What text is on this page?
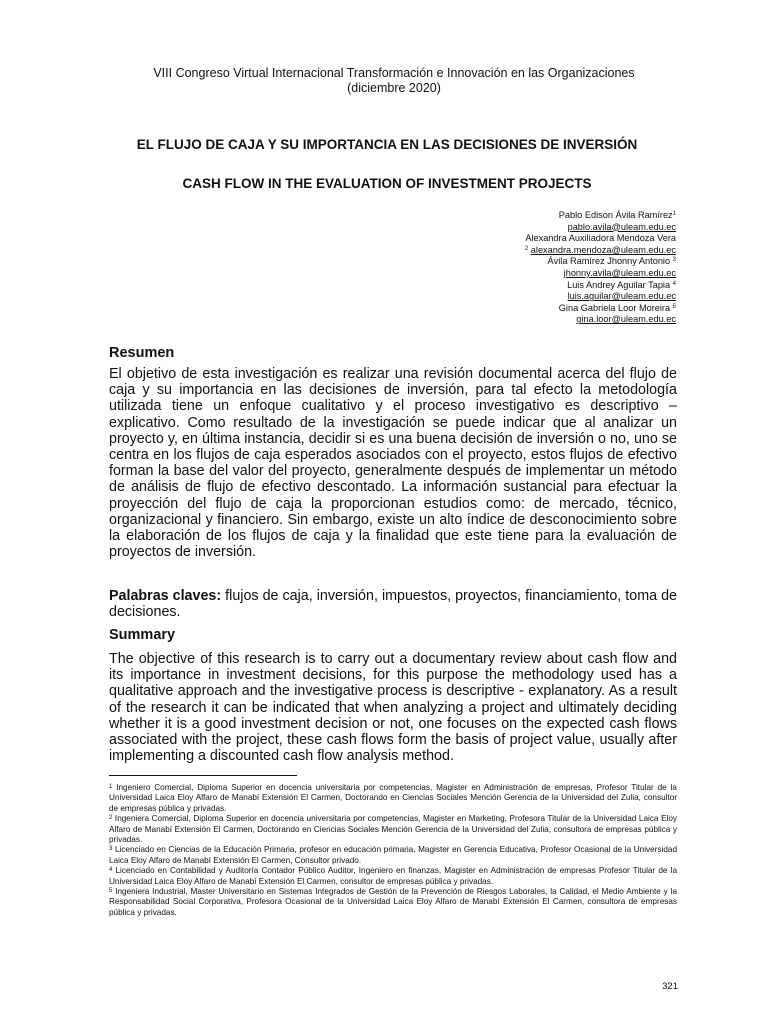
VIII Congreso Virtual Internacional Transformación e Innovación en las Organizaciones
(diciembre 2020)
EL FLUJO DE CAJA Y SU IMPORTANCIA EN LAS DECISIONES DE INVERSIÓN
CASH FLOW IN THE EVALUATION OF INVESTMENT PROJECTS
Pablo Edison Ávila Ramírez$^1$
pablo.avila@uleam.edu.ec
Alexandra Auxiliadora Mendoza Vera
$^2$ alexandra.mendoza@uleam.edu.ec
Ávila Ramírez Jhonny Antonio $^3$
jhonny.avila@uleam.edu.ec
Luis Andrey Aguilar Tapia $^4$
luis.aguilar@uleam.edu.ec
Gina Gabriela Loor Moreira $^5$
gina.loor@uleam.edu.ec
Resumen
El objetivo de esta investigación es realizar una revisión documental acerca del flujo de caja y su importancia en las decisiones de inversión, para tal efecto la metodología utilizada tiene un enfoque cualitativo y el proceso investigativo es descriptivo – explicativo. Como resultado de la investigación se puede indicar que al analizar un proyecto y, en última instancia, decidir si es una buena decisión de inversión o no, uno se centra en los flujos de caja esperados asociados con el proyecto, estos flujos de efectivo forman la base del valor del proyecto, generalmente después de implementar un método de análisis de flujo de efectivo descontado. La información sustancial para efectuar la proyección del flujo de caja la proporcionan estudios como: de mercado, técnico, organizacional y financiero. Sin embargo, existe un alto índice de desconocimiento sobre la elaboración de los flujos de caja y la finalidad que este tiene para la evaluación de proyectos de inversión.
Palabras claves: flujos de caja, inversión, impuestos, proyectos, financiamiento, toma de decisiones.
Summary
The objective of this research is to carry out a documentary review about cash flow and its importance in investment decisions, for this purpose the methodology used has a qualitative approach and the investigative process is descriptive - explanatory. As a result of the research it can be indicated that when analyzing a project and ultimately deciding whether it is a good investment decision or not, one focuses on the expected cash flows associated with the project, these cash flows form the basis of project value, usually after implementing a discounted cash flow analysis method.

$^1$ Ingeniero Comercial, Diploma Superior en docencia universitaria por competencias, Magister en Administración de empresas, Profesor Titular de la Universidad Laica Eloy Alfaro de Manabí Extensión El Carmen, Doctorando en Ciencias Sociales Mención Gerencia de la Universidad del Zulia, consultor de empresas pública y privadas.

$^2$ Ingeniera Comercial, Diploma Superior en docencia universitaria por competencias, Magister en Marketing, Profesora Titular de la Universidad Laica Eloy Alfaro de Manabí Extensión El Carmen, Doctorando en Ciencias Sociales Mención Gerencia de la Universidad del Zulia, consultora de empresas pública y privadas.

$^3$ Licenciado en Ciencias de la Educación Primaria, profesor en educación primaria, Magister en Gerencia Educativa, Profesor Ocasional de la Universidad Laica Eloy Alfaro de Manabí Extensión El Carmen, Consultor privado.

$^4$ Licenciado en Contabilidad y Auditoría Contador Público Auditor, Ingeniero en finanzas, Magister en Administración de empresas Profesor Titular de la Universidad Laica Eloy Alfaro de Manabí Extensión El Carmen, consultor de empresas pública y privadas.

$^5$ Ingeniera Industrial, Master Universitario en Sistemas Integrados de Gestión de la Prevención de Riesgos Laborales, la Calidad, el Medio Ambiente y la Responsabilidad Social Corporativa, Profesora Ocasional de la Universidad Laica Eloy Alfaro de Manabí Extensión El Carmen, consultora de empresas pública y privadas.

321
